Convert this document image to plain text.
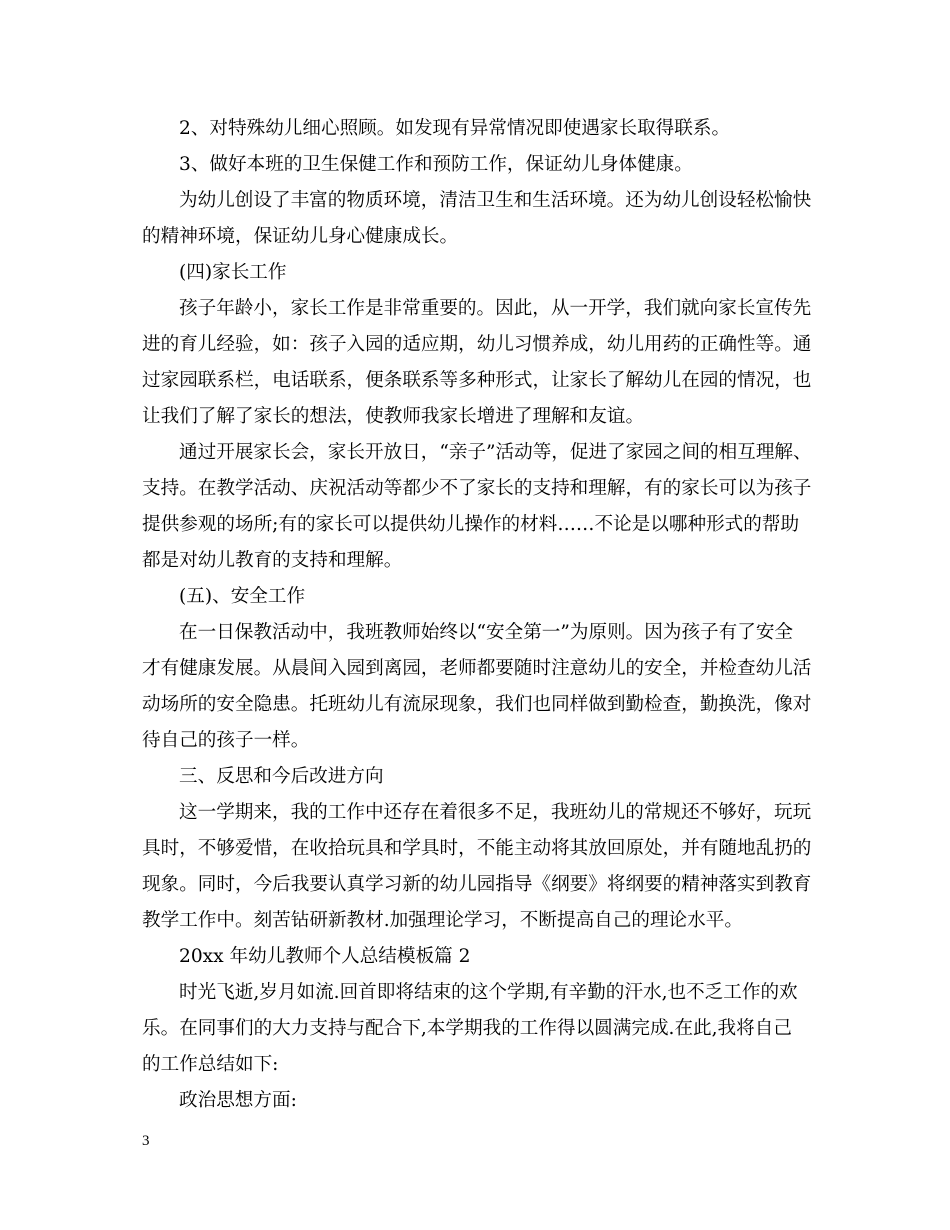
2、对特殊幼儿细心照顾。如发现有异常情况即使遇家长取得联系。
3、做好本班的卫生保健工作和预防工作，保证幼儿身体健康。
为幼儿创设了丰富的物质环境，清洁卫生和生活环境。还为幼儿创设轻松愉快
的精神环境，保证幼儿身心健康成长。
(四)家长工作
孩子年龄小，家长工作是非常重要的。因此，从一开学，我们就向家长宣传先
进的育儿经验，如：孩子入园的适应期，幼儿习惯养成，幼儿用药的正确性等。通
过家园联系栏，电话联系，便条联系等多种形式，让家长了解幼儿在园的情况，也
让我们了解了家长的想法，使教师我家长增进了理解和友谊。
通过开展家长会，家长开放日，“亲子”活动等，促进了家园之间的相互理解、
支持。在教学活动、庆祝活动等都少不了家长的支持和理解，有的家长可以为孩子
提供参观的场所;有的家长可以提供幼儿操作的材料……不论是以哪种形式的帮助
都是对幼儿教育的支持和理解。
(五)、安全工作
在一日保教活动中，我班教师始终以“安全第一”为原则。因为孩子有了安全
才有健康发展。从晨间入园到离园，老师都要随时注意幼儿的安全，并检查幼儿活
动场所的安全隐患。托班幼儿有流尿现象，我们也同样做到勤检查，勤换洗，像对
待自己的孩子一样。
三、反思和今后改进方向
这一学期来，我的工作中还存在着很多不足，我班幼儿的常规还不够好，玩玩
具时，不够爱惜，在收拾玩具和学具时，不能主动将其放回原处，并有随地乱扔的
现象。同时，今后我要认真学习新的幼儿园指导《纲要》将纲要的精神落实到教育
教学工作中。刻苦钻研新教材.加强理论学习，不断提高自己的理论水平。
20xx 年幼儿教师个人总结模板篇 2
时光飞逝,岁月如流.回首即将结束的这个学期,有辛勤的汗水,也不乏工作的欢
乐。在同事们的大力支持与配合下,本学期我的工作得以圆满完成.在此,我将自己
的工作总结如下:
政治思想方面:
3
